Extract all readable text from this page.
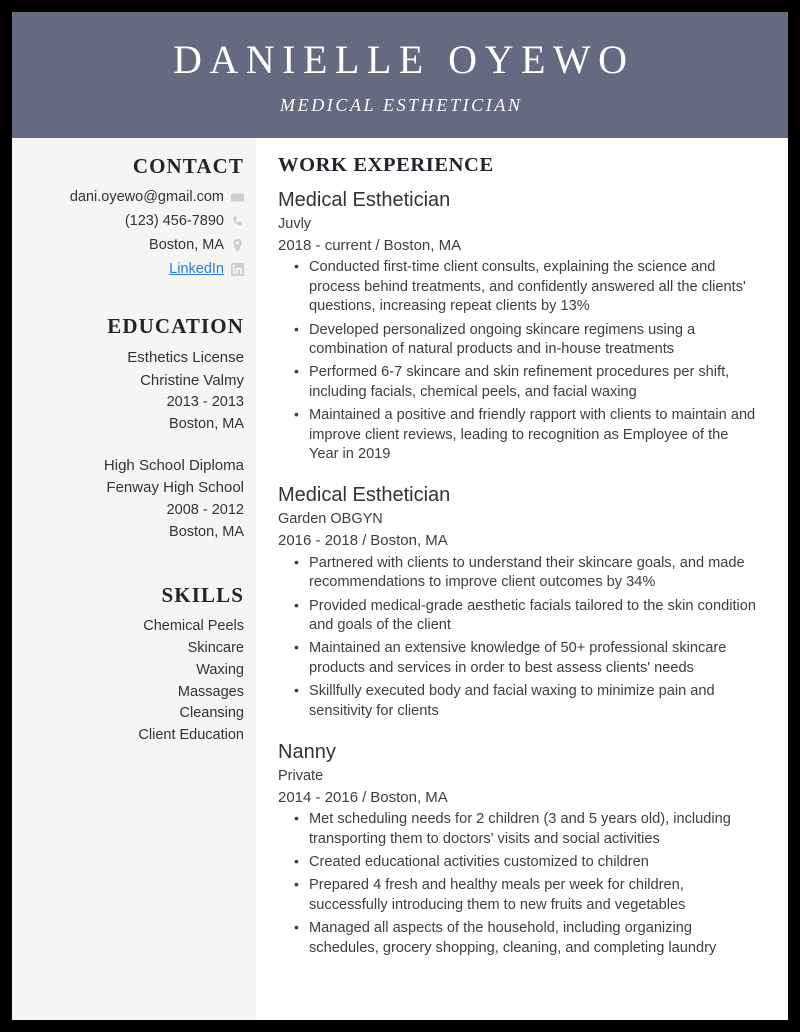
DANIELLE OYEWO
MEDICAL ESTHETICIAN
CONTACT
dani.oyewo@gmail.com
(123) 456-7890
Boston, MA
LinkedIn
EDUCATION
Esthetics License
Christine Valmy
2013 - 2013
Boston, MA
High School Diploma
Fenway High School
2008 - 2012
Boston, MA
SKILLS
Chemical Peels
Skincare
Waxing
Massages
Cleansing
Client Education
WORK EXPERIENCE
Medical Esthetician
Juvly
2018 - current / Boston, MA
• Conducted first-time client consults, explaining the science and process behind treatments, and confidently answered all the clients' questions, increasing repeat clients by 13%
• Developed personalized ongoing skincare regimens using a combination of natural products and in-house treatments
• Performed 6-7 skincare and skin refinement procedures per shift, including facials, chemical peels, and facial waxing
• Maintained a positive and friendly rapport with clients to maintain and improve client reviews, leading to recognition as Employee of the Year in 2019
Medical Esthetician
Garden OBGYN
2016 - 2018 / Boston, MA
• Partnered with clients to understand their skincare goals, and made recommendations to improve client outcomes by 34%
• Provided medical-grade aesthetic facials tailored to the skin condition and goals of the client
• Maintained an extensive knowledge of 50+ professional skincare products and services in order to best assess clients' needs
• Skillfully executed body and facial waxing to minimize pain and sensitivity for clients
Nanny
Private
2014 - 2016 / Boston, MA
• Met scheduling needs for 2 children (3 and 5 years old), including transporting them to doctors' visits and social activities
• Created educational activities customized to children
• Prepared 4 fresh and healthy meals per week for children, successfully introducing them to new fruits and vegetables
• Managed all aspects of the household, including organizing schedules, grocery shopping, cleaning, and completing laundry
